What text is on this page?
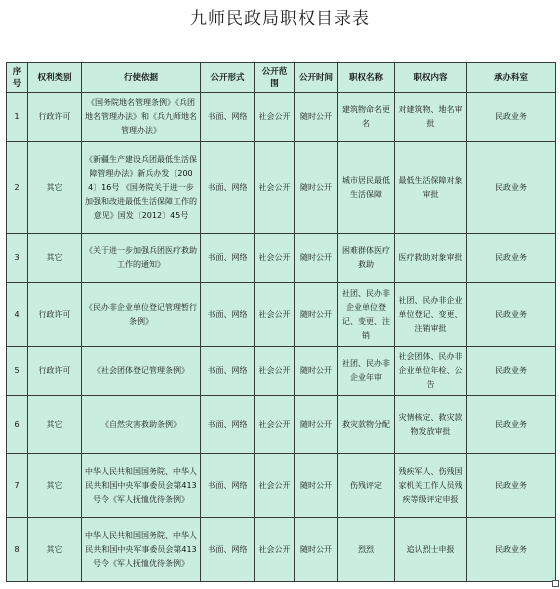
九师民政局职权目录表
序号	权利类别	行使依据	公开形式	公开范围	公开时间	职权名称	职权内容	承办科室
1	行政许可	《国务院地名管理条例》《兵团地名管理办法》和《兵九师地名管理办法》	书面、网络	社会公开	随时公开	建筑物命名更名	对建筑物、地名审批	民政业务
2	其它	《新疆生产建设兵团最低生活保障管理办法》新兵办发〔2004〕16号 《国务院关于进一步加强和改进最低生活保障工作的意见》国发〔2012〕45号	书面、网络	社会公开	随时公开	城市居民最低生活保障	最低生活保障对象审批	民政业务
3	其它	《关于进一步加强兵团医疗救助工作的通知》	书面、网络	社会公开	随时公开	困难群体医疗救助	医疗救助对象审批	民政业务
4	行政许可	《民办非企业单位登记管理暂行条例》	书面、网络	社会公开	随时公开	社团、民办非企业单位登记、变更、注销	社团、民办非企业单位登记、变更、注销审批	民政业务
5	行政许可	《社会团体登记管理条例》	书面、网络	社会公开	随时公开	社团、民办非企业年审	社会团体、民办非企业单位年检、公告	民政业务
6	其它	《自然灾害救助条例》	书面、网络	社会公开	随时公开	救灾款物分配	灾情核定、救灾款物发放审批	民政业务
7	其它	中华人民共和国国务院、中华人民共和国中央军事委员会第413号令《军人抚恤优待条例》	书面、网络	社会公开	随时公开	伤残评定	残疾军人、伤残国家机关工作人员残疾等级评定申报	民政业务
8	其它	中华人民共和国国务院、中华人民共和国中央军事委员会第413号令《军人抚恤优待条例》	书面、网络	社会公开	随时公开	烈烈	追认烈士申报	民政业务
